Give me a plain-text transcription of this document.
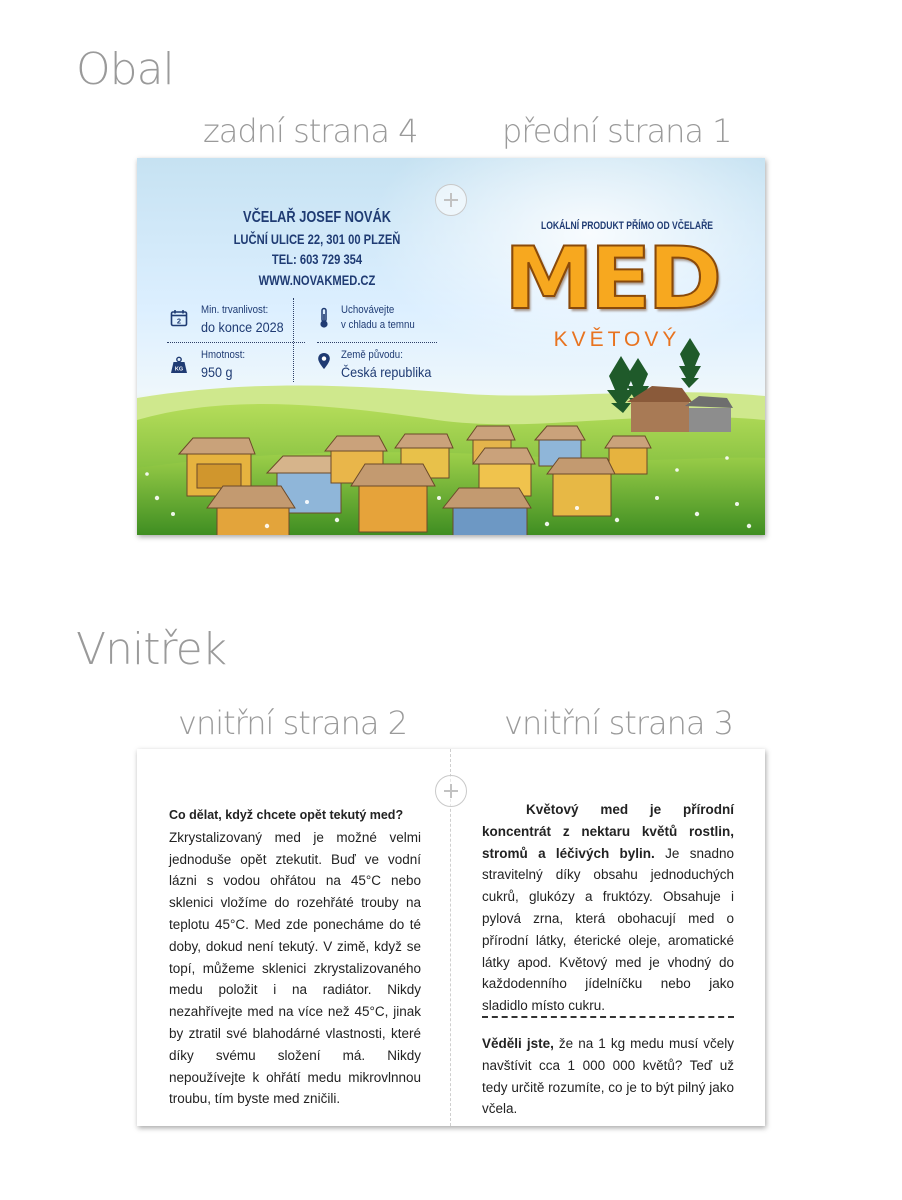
Obal
zadní strana 4	přední strana 1
VČELAŘ JOSEF NOVÁK
LUČNÍ ULICE 22, 301 00 PLZEŇ
TEL: 603 729 354
WWW.NOVAKMED.CZ
2
Min. trvanlivost:
do konce 2028
Uchovávejte
v chladu a temnu
KG
Hmotnost:
950 g
Země původu:
Česká republika
LOKÁLNÍ PRODUKT PŘÍMO OD VČELAŘE
MED
KVĚTOVÝ
Vnitřek
vnitřní strana 2	vnitřní strana 3

Co dělat, když chcete opět tekutý med?

Zkrystalizovaný med je možné velmi jednoduše opět ztekutit. Buď ve vodní lázni s vodou ohřátou na 45°C nebo sklenici vložíme do rozehřáté trouby na teplotu 45°C. Med zde ponecháme do té doby, dokud není tekutý. V zimě, když se topí, můžeme sklenici zkrystalizovaného medu položit i na radiátor. Nikdy nezahřívejte med na více než 45°C, jinak by ztratil své blahodárné vlastnosti, které díky svému složení má. Nikdy nepoužívejte k ohřátí medu mikrovlnnou troubu, tím byste med zničili.

Květový med je přírodní koncentrát z nektaru květů rostlin, stromů a léčivých bylin. Je snadno stravitelný díky obsahu jednoduchých cukrů, glukózy a fruktózy. Obsahuje i pylová zrna, která obohacují med o přírodní látky, éterické oleje, aromatické látky apod. Květový med je vhodný do každodenního jídelníčku nebo jako sladidlo místo cukru.

Věděli jste, že na 1 kg medu musí včely navštívit cca 1 000 000 květů? Teď už tedy určitě rozumíte, co je to být pilný jako včela.
